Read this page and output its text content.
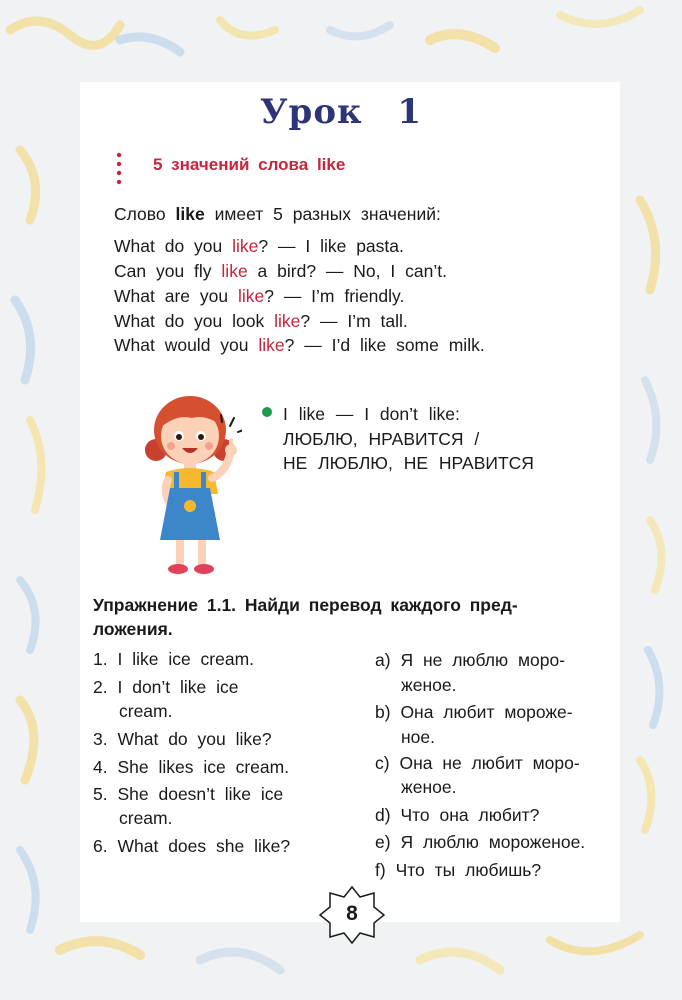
Урок 1
5 значений слова like
Слово like имеет 5 разных значений:
What do you like? — I like pasta.
Can you fly like a bird? — No, I can’t.
What are you like? — I’m friendly.
What do you look like? — I’m tall.
What would you like? — I’d like some milk.
I like — I don’t like:
ЛЮБЛЮ, НРАВИТСЯ /
НЕ ЛЮБЛЮ, НЕ НРАВИТСЯ
Упражнение 1.1. Найди перевод каждого пред-
ложения.
1. I like ice cream.
2. I don’t like ice
cream.
3. What do you like?
4. She likes ice cream.
5. She doesn’t like ice
cream.
6. What does she like?
a) Я не люблю моро-
женое.
b) Она любит мороже-
ное.
c) Она не любит моро-
женое.
d) Что она любит?
e) Я люблю мороженое.
f) Что ты любишь?
8
